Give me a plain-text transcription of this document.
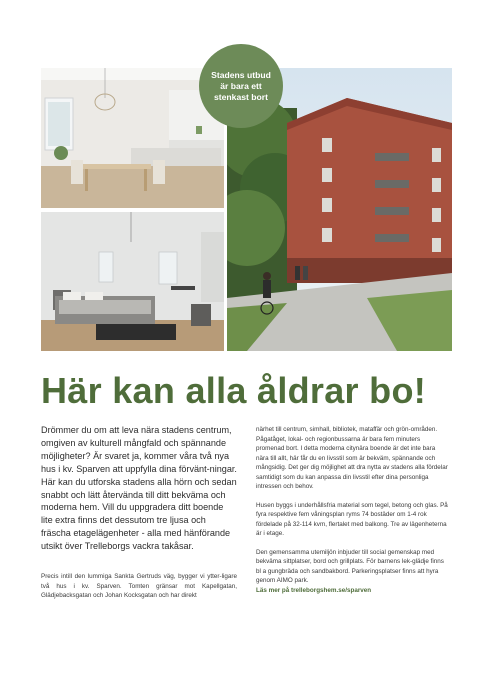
Stadens utbud är bara ett stenkast bort
Här kan alla åldrar bo!

Drömmer du om att leva nära stadens centrum, omgiven av kulturell mångfald och spännande möjligheter? Är svaret ja, kommer våra två nya hus i kv. Sparven att uppfylla dina förvänt-ningar. Här kan du utforska stadens alla hörn och sedan snabbt och lätt återvända till ditt bekväma och moderna hem. Vill du uppgradera ditt boende lite extra finns det dessutom tre ljusa och fräscha etagelägenheter - alla med hänförande utsikt över Trelleborgs vackra takåsar.

Precis intill den lummiga Sankta Gertruds väg, bygger vi ytter-ligare två hus i kv. Sparven. Tomten gränsar mot Kapellgatan, Glädjebacksgatan och Johan Kocksgatan och har direkt

närhet till centrum, simhall, bibliotek, mataffär och grön-områden. Pågatåget, lokal- och regionbussarna är bara fem minuters promenad bort. I detta moderna citynära boende är det inte bara nära till allt, här får du en livsstil som är bekväm, spännande och mångsidig. Det ger dig möjlighet att dra nytta av stadens alla fördelar samtidigt som du kan anpassa din livsstil efter dina personliga intressen och behov.

Husen byggs i underhållsfria material som tegel, betong och glas. På fyra respektive fem våningsplan ryms 74 bostäder om 1-4 rok fördelade på 32-114 kvm, flertalet med balkong. Tre av lägenheterna är i etage.

Den gemensamma utemiljön inbjuder till social gemenskap med bekväma sittplatser, bord och grillplats. För barnens lek-glädje finns bl a gungbräda och sandbakbord. Parkeringsplatser finns att hyra genom AIMO park.

Läs mer på trelleborgshem.se/sparven
